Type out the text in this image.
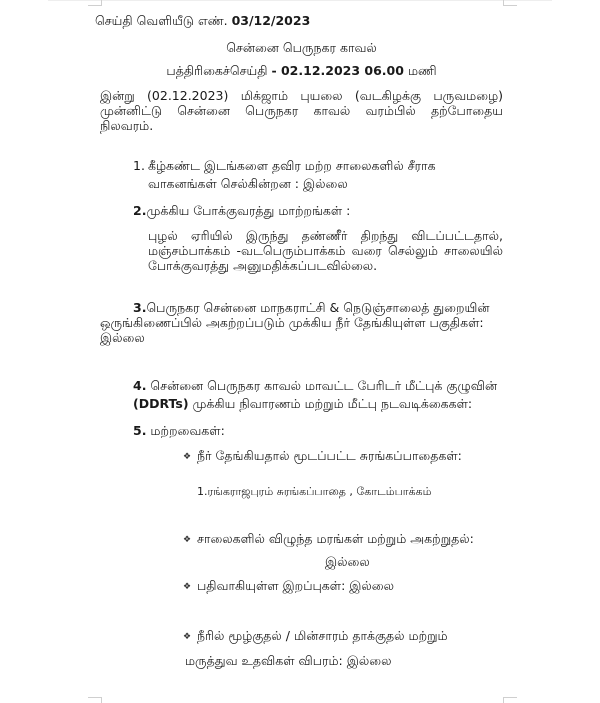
செய்தி வெளியீடு எண். 03/12/2023
சென்னை பெருநகர காவல்
பத்திரிகைச்செய்தி - 02.12.2023 06.00 மணி
இன்று (02.12.2023) மிக்ஜாம் புயலை (வடகிழக்கு பருவமழை) முன்னிட்டு சென்னை பெருநகர காவல் வரம்பில் தற்போதைய நிலவரம்.
1. கீழ்கண்ட இடங்களை தவிர மற்ற சாலைகளில் சீராக
வாகனங்கள் செல்கின்றன : இல்லை
2.முக்கிய போக்குவரத்து மாற்றங்கள் :
புழல் ஏரியில் இருந்து தண்ணீர் திறந்து விடப்பட்டதால், மஞ்சம்பாக்கம் -வடபெரும்பாக்கம் வரை செல்லும் சாலையில் போக்குவரத்து அனுமதிக்கப்படவில்லை.
3.பெருநகர சென்னை மாநகராட்சி & நெடுஞ்சாலைத் துறையின்
ஒருங்கிணைப்பில் அகற்றப்படும் முக்கிய நீர் தேங்கியுள்ள பகுதிகள்:
இல்லை
4. சென்னை பெருநகர காவல் மாவட்ட பேரிடர் மீட்புக் குழுவின்
(DDRTs) முக்கிய நிவாரணம் மற்றும் மீட்பு நடவடிக்கைகள்:
5. மற்றவைகள்:
❖ நீர் தேங்கியதால் மூடப்பட்ட சுரங்கப்பாதைகள்:
1.ரங்கராஜபுரம் சுரங்கப்பாதை , கோடம்பாக்கம்
❖ சாலைகளில் விழுந்த மரங்கள் மற்றும் அகற்றுதல்:
இல்லை
❖ பதிவாகியுள்ள இறப்புகள்: இல்லை
❖ நீரில் மூழ்குதல் / மின்சாரம் தாக்குதல் மற்றும்
மருத்துவ உதவிகள் விபரம்: இல்லை
